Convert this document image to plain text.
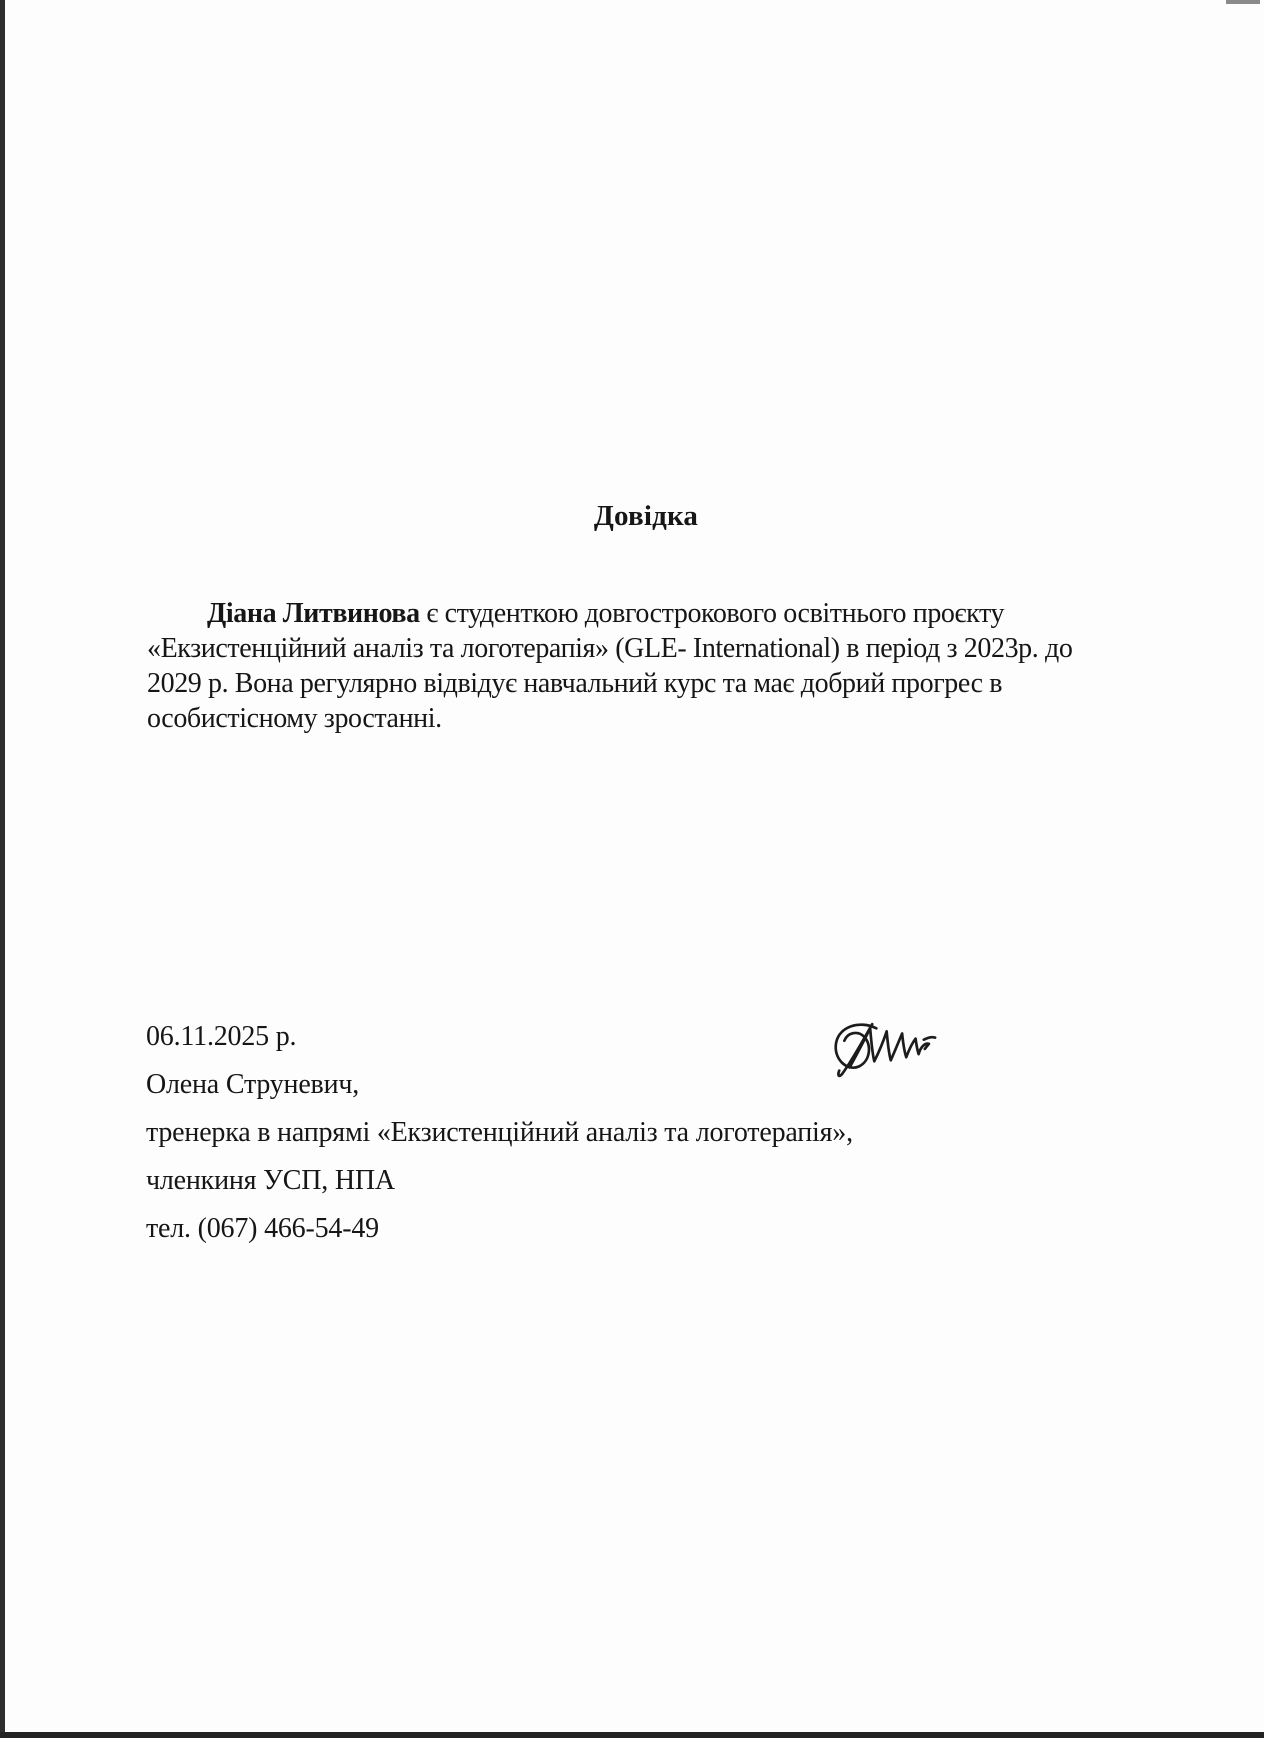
Довідка
Діана Литвинова є студенткою довгострокового освітнього проєкту
«Екзистенційний аналіз та логотерапія» (GLE- International) в період з 2023р. до
2029 р. Вона регулярно відвідує навчальний курс та має добрий прогрес в
особистісному зростанні.
06.11.2025 р.
Олена Струневич,
тренерка в напрямі «Екзистенційний аналіз та логотерапія»,
членкиня УСП, НПА
тел. (067) 466-54-49
